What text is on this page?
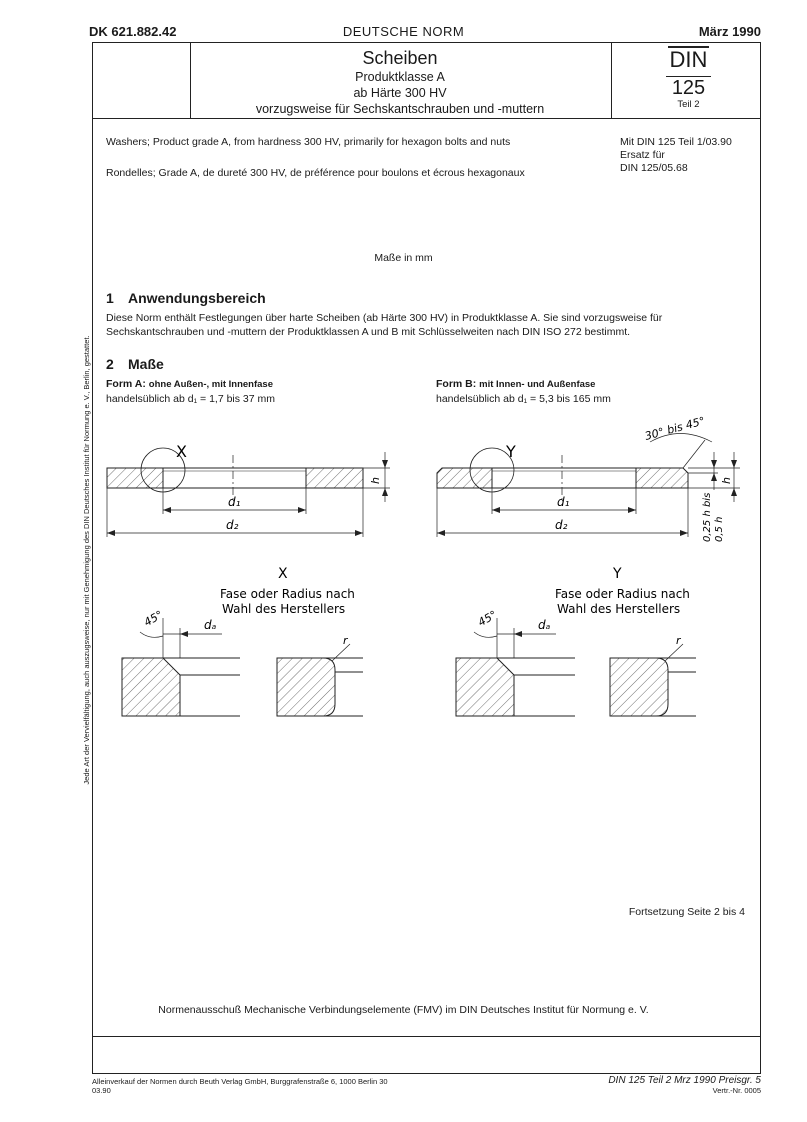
DK 621.882.42	DEUTSCHE NORM	März 1990
Scheiben
Produktklasse A
ab Härte 300 HV
vorzugsweise für Sechskantschrauben und -muttern
DIN
125
Teil 2
Washers; Product grade A, from hardness 300 HV, primarily for hexagon bolts and nuts
Rondelles; Grade A, de dureté 300 HV, de préférence pour boulons et écrous hexagonaux
Mit DIN 125 Teil 1/03.90
Ersatz für
DIN 125/05.68
Maße in mm
1 Anwendungsbereich
Diese Norm enthält Festlegungen über harte Scheiben (ab Härte 300 HV) in Produktklasse A. Sie sind vorzugsweise für Sechskantschrauben und -muttern der Produktklassen A und B mit Schlüsselweiten nach DIN ISO 272 bestimmt.
2 Maße
Form A: ohne Außen-, mit Innenfase
handelsüblich ab d₁ = 1,7 bis 37 mm
Form B: mit Innen- und Außenfase
handelsüblich ab d₁ = 5,3 bis 165 mm
X
d₁
d₂
h
Y
d₁
d₂
30° bis 45°
h
0,25 h bis 0,5 h
X
Fase oder Radius nach
Wahl des Herstellers
45°	dₐ
r
Y
Fase oder Radius nach
Wahl des Herstellers
45°	dₐ
r
Fortsetzung Seite 2 bis 4
Normenausschuß Mechanische Verbindungselemente (FMV) im DIN Deutsches Institut für Normung e. V.
Jede Art der Vervielfältigung, auch auszugsweise, nur mit Genehmigung des DIN Deutsches Institut für Normung e. V., Berlin, gestattet.
Alleinverkauf der Normen durch Beuth Verlag GmbH, Burggrafenstraße 6, 1000 Berlin 30
03.90
DIN 125 Teil 2 Mrz 1990 Preisgr. 5
Vertr.-Nr. 0005
